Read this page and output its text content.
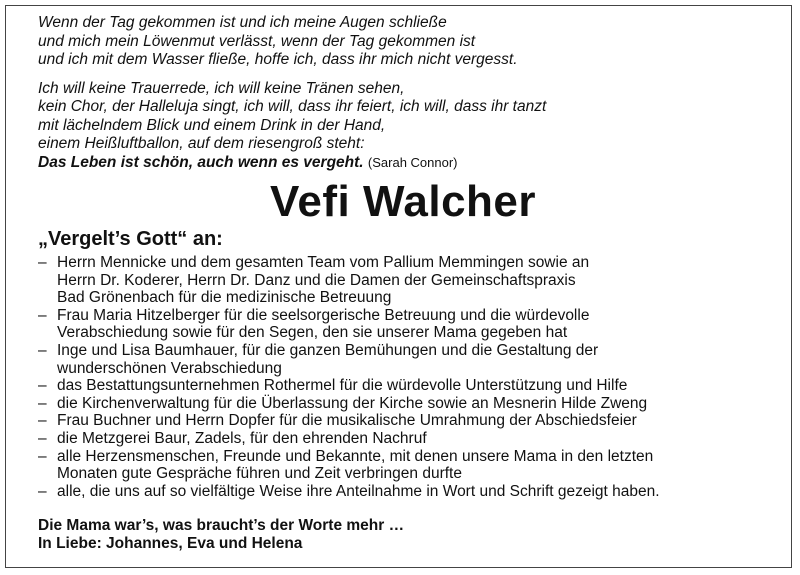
Wenn der Tag gekommen ist und ich meine Augen schließe
und mich mein Löwenmut verlässt, wenn der Tag gekommen ist
und ich mit dem Wasser fließe, hoffe ich, dass ihr mich nicht vergesst.

Ich will keine Trauerrede, ich will keine Tränen sehen,
kein Chor, der Halleluja singt, ich will, dass ihr feiert, ich will, dass ihr tanzt
mit lächelndem Blick und einem Drink in der Hand,
einem Heißluftballon, auf dem riesengroß steht:
Das Leben ist schön, auch wenn es vergeht. (Sarah Connor)

Vefi Walcher
„Vergelt’s Gott“ an:
– Herrn Mennicke und dem gesamten Team vom Pallium Memmingen sowie an
Herrn Dr. Koderer, Herrn Dr. Danz und die Damen der Gemeinschaftspraxis
Bad Grönenbach für die medizinische Betreuung
– Frau Maria Hitzelberger für die seelsorgerische Betreuung und die würdevolle
Verabschiedung sowie für den Segen, den sie unserer Mama gegeben hat
– Inge und Lisa Baumhauer, für die ganzen Bemühungen und die Gestaltung der
wunderschönen Verabschiedung
– das Bestattungsunternehmen Rothermel für die würdevolle Unterstützung und Hilfe
– die Kirchenverwaltung für die Überlassung der Kirche sowie an Mesnerin Hilde Zweng
– Frau Buchner und Herrn Dopfer für die musikalische Umrahmung der Abschiedsfeier
– die Metzgerei Baur, Zadels, für den ehrenden Nachruf
– alle Herzensmenschen, Freunde und Bekannte, mit denen unsere Mama in den letzten
Monaten gute Gespräche führen und Zeit verbringen durfte
– alle, die uns auf so vielfältige Weise ihre Anteilnahme in Wort und Schrift gezeigt haben.
Die Mama war’s, was braucht’s der Worte mehr …
In Liebe: Johannes, Eva und Helena
